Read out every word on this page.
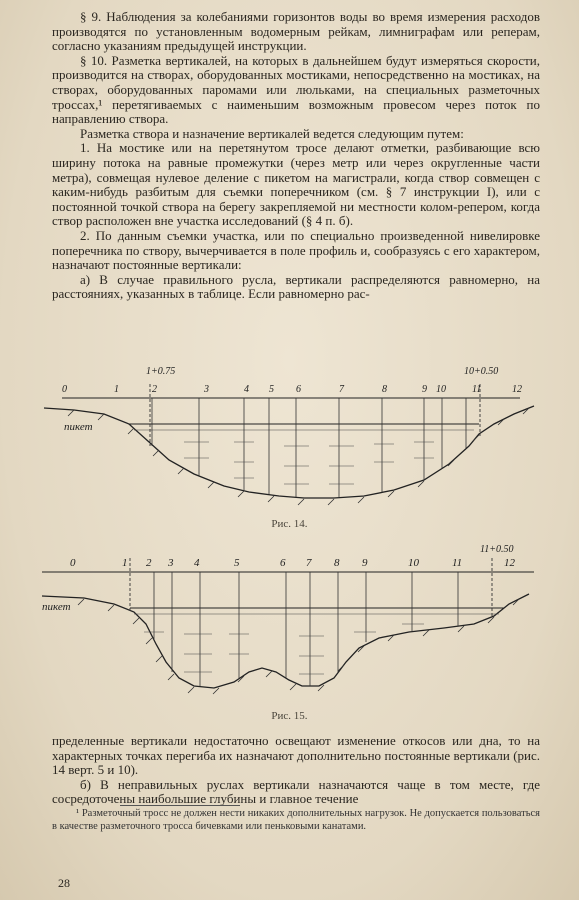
§ 9. Наблюдения за колебаниями горизонтов воды во время измерения расходов производятся по установленным водомерным рейкам, лимниграфам или реперам, согласно указаниям предыдущей инструкции.

§ 10. Разметка вертикалей, на которых в дальнейшем будут измеряться скорости, производится на створах, оборудованных мостиками, непосредственно на мостиках, на створах, оборудованных паромами или люльками, на специальных разметочных троссах,¹ перетягиваемых с наименьшим возможным провесом через поток по направлению створа.

Разметка створа и назначение вертикалей ведется следующим путем:

1. На мостике или на перетянутом тросе делают отметки, разбивающие всю ширину потока на равные промежутки (через метр или через округленные части метра), совмещая нулевое деление с пикетом на магистрали, когда створ совмещен с каким-нибудь разбитым для съемки поперечником (см. § 7 инструкции I), или с постоянной точкой створа на берегу закрепляемой ни местности колом-репером, когда створ расположен вне участка исследований (§ 4 п. б).

2. По данным съемки участка, или по специально произведенной нивелировке поперечника по створу, вычерчивается в поле профиль и, сообразуясь с его характером, назначают постоянные вертикали:

а) В случае правильного русла, вертикали распределяются равномерно, на расстояниях, указанных в таблице. Если равномерно рас-

1+0.75	10+0.50
0	1	2	3	4 5 6	7	8	9 10	11	12
пикет
Рис. 14.
0	1 2 3 4	5	6 7 8 9	10	11	12
11+0.50
пикет
Рис. 15.

пределенные вертикали недостаточно освещают изменение откосов или дна, то на характерных точках перегиба их назначают дополнительно постоянные вертикали (рис. 14 верт. 5 и 10).

б) В неправильных руслах вертикали назначаются чаще в том месте, где сосредоточены наибольшие глубины и главное течение

¹ Разметочный тросс не должен нести никаких дополнительных нагрузок. Не допускается пользоваться в качестве разметочного тросса бичевками или пеньковыми канатами.

28
